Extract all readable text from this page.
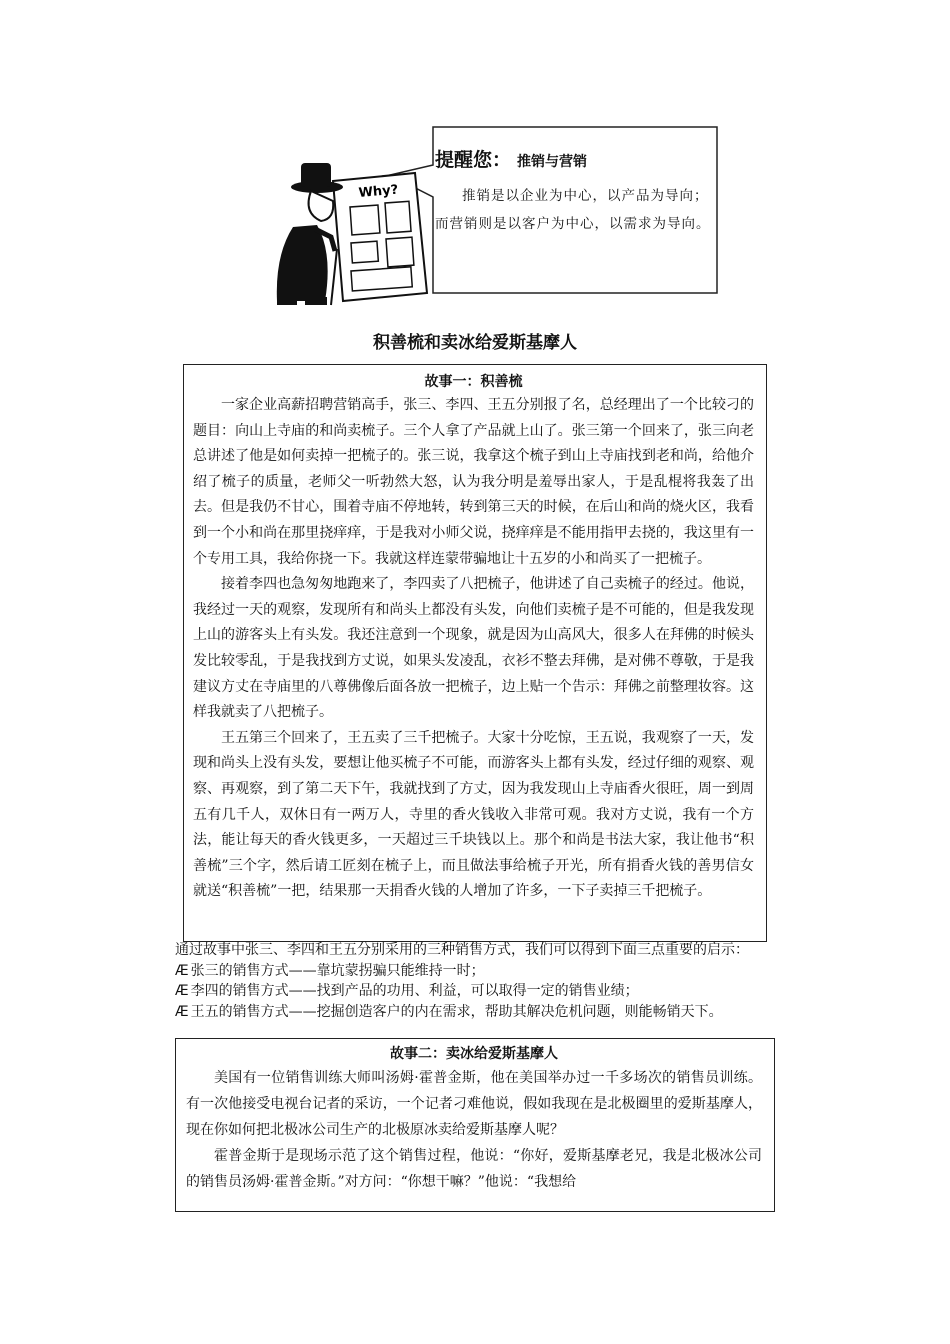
Why?
提醒您： 推销与营销
推销是以企业为中心，以产品为导向；而营销则是以客户为中心，以需求为导向。
积善梳和卖冰给爱斯基摩人
故事一：积善梳

一家企业高薪招聘营销高手，张三、李四、王五分别报了名，总经理出了一个比较刁的题目：向山上寺庙的和尚卖梳子。三个人拿了产品就上山了。张三第一个回来了，张三向老总讲述了他是如何卖掉一把梳子的。张三说，我拿这个梳子到山上寺庙找到老和尚，给他介绍了梳子的质量，老师父一听勃然大怒，认为我分明是羞辱出家人，于是乱棍将我轰了出去。但是我仍不甘心，围着寺庙不停地转，转到第三天的时候，在后山和尚的烧火区，我看到一个小和尚在那里挠痒痒，于是我对小师父说，挠痒痒是不能用指甲去挠的，我这里有一个专用工具，我给你挠一下。我就这样连蒙带骗地让十五岁的小和尚买了一把梳子。

接着李四也急匆匆地跑来了，李四卖了八把梳子，他讲述了自己卖梳子的经过。他说，我经过一天的观察，发现所有和尚头上都没有头发，向他们卖梳子是不可能的，但是我发现上山的游客头上有头发。我还注意到一个现象，就是因为山高风大，很多人在拜佛的时候头发比较零乱，于是我找到方丈说，如果头发凌乱，衣衫不整去拜佛，是对佛不尊敬，于是我建议方丈在寺庙里的八尊佛像后面各放一把梳子，边上贴一个告示：拜佛之前整理妆容。这样我就卖了八把梳子。

王五第三个回来了，王五卖了三千把梳子。大家十分吃惊，王五说，我观察了一天，发现和尚头上没有头发，要想让他买梳子不可能，而游客头上都有头发，经过仔细的观察、观察、再观察，到了第二天下午，我就找到了方丈，因为我发现山上寺庙香火很旺，周一到周五有几千人，双休日有一两万人，寺里的香火钱收入非常可观。我对方丈说，我有一个方法，能让每天的香火钱更多，一天超过三千块钱以上。那个和尚是书法大家，我让他书“积善梳”三个字，然后请工匠刻在梳子上，而且做法事给梳子开光，所有捐香火钱的善男信女就送“积善梳”一把，结果那一天捐香火钱的人增加了许多，一下子卖掉三千把梳子。

通过故事中张三、李四和王五分别采用的三种销售方式，我们可以得到下面三点重要的启示：

Æ 张三的销售方式——靠坑蒙拐骗只能维持一时；

Æ 李四的销售方式——找到产品的功用、利益，可以取得一定的销售业绩；

Æ 王五的销售方式——挖掘创造客户的内在需求，帮助其解决危机问题，则能畅销天下。

故事二：卖冰给爱斯基摩人

美国有一位销售训练大师叫汤姆·霍普金斯，他在美国举办过一千多场次的销售员训练。有一次他接受电视台记者的采访，一个记者刁难他说，假如我现在是北极圈里的爱斯基摩人，现在你如何把北极冰公司生产的北极原冰卖给爱斯基摩人呢？

霍普金斯于是现场示范了这个销售过程，他说：“你好，爱斯基摩老兄，我是北极冰公司的销售员汤姆·霍普金斯。”对方问：“你想干嘛？”他说：“我想给
